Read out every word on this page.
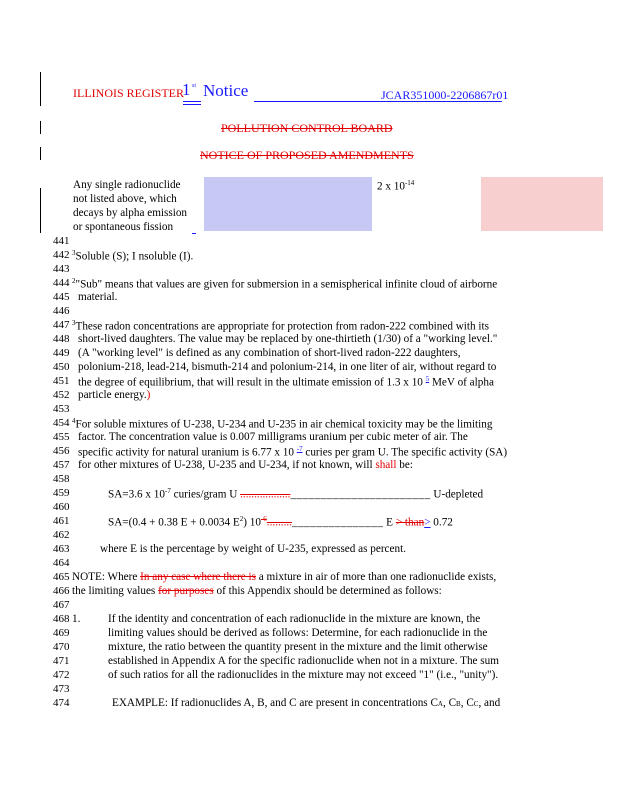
ILLINOIS REGISTER
1 st Notice	JCAR351000-2206867r01
POLLUTION CONTROL BOARD
NOTICE OF PROPOSED AMENDMENTS
Any single radionuclide
not listed above, which
decays by alpha emission
or spontaneous fission
2 x $10^{-14}$
441
442 $^3$Soluble (S); I nsoluble (I).
443
444 $^2$"Sub" means that values are given for submersion in a semispherical infinite cloud of airborne
445 material.
446
447 $^3$These radon concentrations are appropriate for protection from radon-222 combined with its
448 short-lived daughters. The value may be replaced by one-thirtieth (1/30) of a "working level."
449 (A "working level" is defined as any combination of short-lived radon-222 daughters,
450 polonium-218, lead-214, bismuth-214 and polonium-214, in one liter of air, without regard to
451 the degree of equilibrium, that will result in the ultimate emission of 1.3 x 10 $^5$ MeV of alpha
452 particle energy.)
453
454 $^4$For soluble mixtures of U-238, U-234 and U-235 in air chemical toxicity may be the limiting
455 factor. The concentration value is 0.007 milligrams uranium per cubic meter of air. The
456 specific activity for natural uranium is 6.77 x 10 $^{-7}$ curies per gram U. The specific activity (SA)
457 for other mixtures of U-238, U-235 and U-234, if not known, will shall be:
458
459	SA=3.6 x $10^{-7}$ curies/gram U .................._______________________ U-depleted
460
461	SA=(0.4 + 0.38 E + 0.0034 $E^2$) $10^{-6}.........\_\_\_\_\_\_\_\_\_\_\_\_\_\_\_$ E > than> 0.72
462
463	where E is the percentage by weight of U-235, expressed as percent.
464
465 NOTE: Where In any case where there is a mixture in air of more than one radionuclide exists,
466 the limiting values for purposes of this Appendix should be determined as follows:
467
468 1. If the identity and concentration of each radionuclide in the mixture are known, the
469	limiting values should be derived as follows: Determine, for each radionuclide in the
470	mixture, the ratio between the quantity present in the mixture and the limit otherwise
471	established in Appendix A for the specific radionuclide when not in a mixture. The sum
472	of such ratios for all the radionuclides in the mixture may not exceed "1" (i.e., "unity").
473
474	EXAMPLE: If radionuclides A, B, and C are present in concentrations CA, CB, CC, and
